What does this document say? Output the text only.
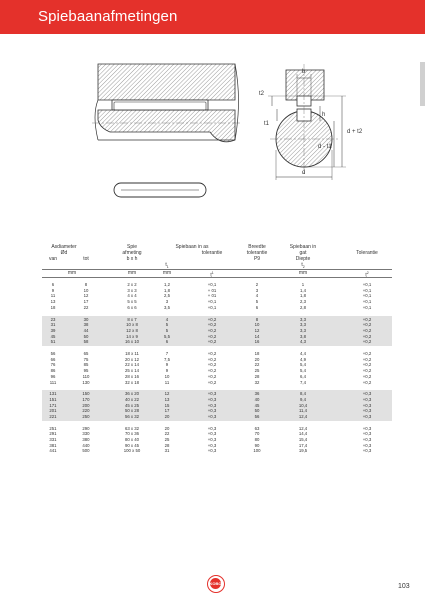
Spiebaanafmetingen
b
t2
h
t1
d + t2
d - t1
d
Asdiameter	Spie	Spiebaan in as	Breedte	Spiebaan in
Ød	afmeting	tolerantie	tolerantie	gat	Tolerantie
van	tot	b x h	P9	Diepte
$t_1$	$t_2$
mm	mm	mm	$t^1$	mm	$t^2$
6	8	2 x 2	1,2	+0,1	2	1	+0,1
9	10	3 x 3	1,8	+ 01	3	1,4	+0,1
11	12	4 x 4	2,5	+ 01	4	1,8	+0,1
13	17	5 x 5	3	+0,1	5	2,3	+0,1
18	22	6 x 6	3,5	+0,1	6	2,8	+0,1
23	30	8 x 7	4	+0,2	8	3,3	+0,2
31	38	10 x 8	5	+0,2	10	3,3	+0,2
39	44	12 x 8	5	+0,2	12	3,3	+0,2
45	50	14 x 9	5,5	+0,2	14	3,8	+0,2
51	58	16 x 10	6	+0,2	16	4,3	+0,2
56	65	18 x 11	7	+0,2	18	4,4	+0,2
66	75	20 x 12	7,5	+0,2	20	4,9	+0,2
76	85	22 x 14	9	+0,2	22	5,4	+0,2
86	95	25 x 14	9	+0,2	25	5,4	+0,2
96	110	28 x 16	10	+0,2	28	6,4	+0,2
111	130	32 x 18	11	+0,2	32	7,4	+0,2
131	150	36 x 20	12	+0,3	36	8,4	+0,3
151	170	40 x 22	13	+0,3	40	9,4	+0,3
171	200	45 x 25	15	+0,3	45	10,4	+0,3
201	220	50 x 28	17	+0,3	50	11,4	+0,3
221	250	56 x 32	20	+0,3	56	12,4	+0,3
251	290	63 x 32	20	+0,3	63	12,4	+0,3
291	330	70 x 36	22	+0,3	70	14,4	+0,3
331	380	80 x 40	25	+0,3	80	15,4	+0,3
381	440	90 x 45	28	+0,3	90	17,4	+0,3
441	500	100 x 50	31	+0,3	100	19,5	+0,3
KOBO	103
